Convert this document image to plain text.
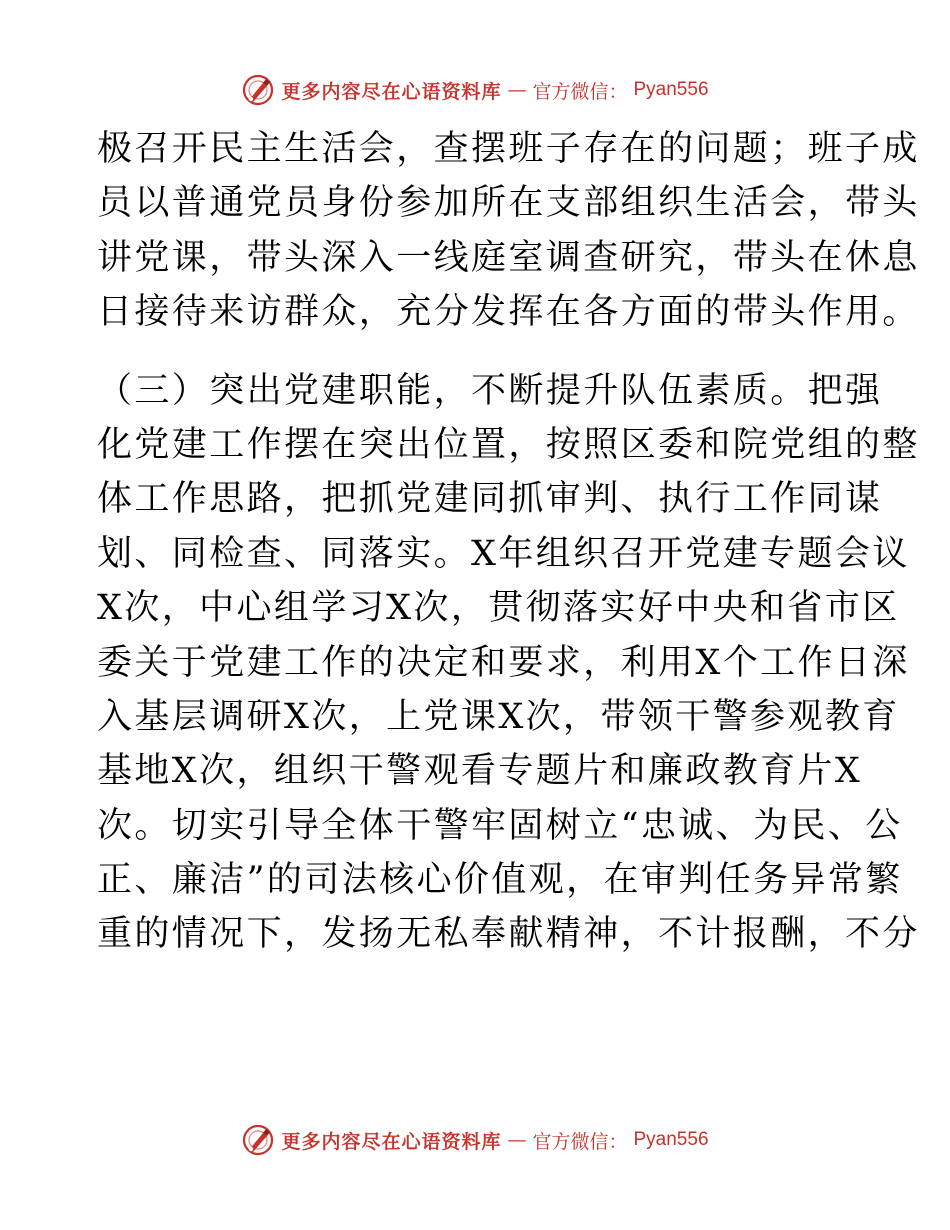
更多内容尽在心语资料库 — 官方微信： Pyan556
极召开民主生活会，查摆班子存在的问题；班子成
员以普通党员身份参加所在支部组织生活会，带头
讲党课，带头深入一线庭室调查研究，带头在休息
日接待来访群众，充分发挥在各方面的带头作用。
（三）突出党建职能，不断提升队伍素质。把强
化党建工作摆在突出位置，按照区委和院党组的整
体工作思路，把抓党建同抓审判、执行工作同谋
划、同检查、同落实。X年组织召开党建专题会议
X次，中心组学习X次，贯彻落实好中央和省市区
委关于党建工作的决定和要求，利用X个工作日深
入基层调研X次，上党课X次，带领干警参观教育
基地X次，组织干警观看专题片和廉政教育片X
次。切实引导全体干警牢固树立“忠诚、为民、公
正、廉洁”的司法核心价值观，在审判任务异常繁
重的情况下，发扬无私奉献精神，不计报酬，不分
更多内容尽在心语资料库 — 官方微信： Pyan556
